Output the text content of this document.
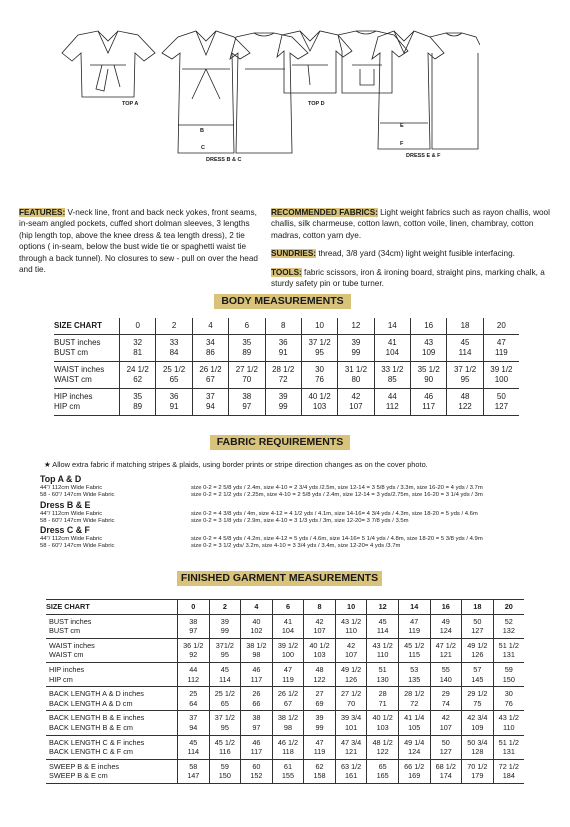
TOP A
B
C
DRESS B & C
TOP D
E
F
DRESS E & F
FEATURES: V-neck line, front and back neck yokes, front seams, in-seam angled pockets, cuffed short dolman sleeves, 3 lengths (hip length top, above the knee dress & tea length dress), 2 tie options ( in-seam, below the bust wide tie or spaghetti waist tie through a back tunnel). No closures to sew - pull on over the head and tie.
RECOMMENDED FABRICS: Light weight fabrics such as rayon challis, wool challis, silk charmeuse, cotton lawn, cotton voile, linen, chambray, cotton madras, cotton yarn dye.
SUNDRIES: thread, 3/8 yard (34cm) light weight fusible interfacing.
TOOLS: fabric scissors, iron & ironing board, straight pins, marking chalk, a sturdy safety pin or tube turner.
BODY MEASUREMENTS
SIZE CHART	0	2	4	6	8	10	12	14	16	18	20
BUST inches	32	33	34	35	36	37 1/2	39	41	43	45	47
BUST cm	81	84	86	89	91	95	99	104	109	114	119
WAIST inches	24 1/2	25 1/2	26 1/2	27 1/2	28 1/2	30	31 1/2	33 1/2	35 1/2	37 1/2	39 1/2
WAIST cm	62	65	67	70	72	76	80	85	90	95	100
HIP inches	35	36	37	38	39	40 1/2	42	44	46	48	50
HIP cm	89	91	94	97	99	103	107	112	117	122	127
FABRIC REQUIREMENTS
★ Allow extra fabric if matching stripes & plaids, using border prints or stripe direction changes as on the cover photo.
Top A & D
44"/ 112cm Wide Fabric	size 0-2 = 2 5/8 yds / 2.4m, size 4-10 = 2 3/4 yds /2.5m, size 12-14 = 3 5/8 yds / 3.3m, size 16-20 = 4 yds / 3.7m
58 - 60"/ 147cm Wide Fabric	size 0-2 = 2 1/2 yds / 2.25m, size 4-10 = 2 5/8 yds / 2.4m, size 12-14 = 3 yds/2.75m, size 16-20 = 3 1/4 yds / 3m
Dress B & E
44"/ 112cm Wide Fabric	size 0-2 = 4 3/8 yds / 4m, size 4-12 = 4 1/2 yds / 4.1m, size 14-16= 4 3/4 yds / 4.3m, size 18-20 = 5 yds / 4.6m
58 - 60"/ 147cm Wide Fabric	size 0-2 = 3 1/8 yds / 2.9m, size 4-10 = 3 1/3 yds / 3m, size 12-20= 3 7/8 yds / 3.5m
Dress C & F
44"/ 112cm Wide Fabric	size 0-2 = 4 5/8 yds / 4.2m, size 4-12 = 5 yds / 4.6m, size 14-16= 5 1/4 yds / 4.8m, size 18-20 = 5 3/8 yds / 4.9m
58 - 60"/ 147cm Wide Fabric	size 0-2 = 3 1/2 yds/ 3.2m, size 4-10 = 3 3/4 yds / 3.4m, size 12-20= 4 yds /3.7m
FINISHED GARMENT MEASUREMENTS
SIZE CHART	0	2	4	6	8	10	12	14	16	18	20
BUST inches	38	39	40	41	42	43 1/2	45	47	49	50	52
BUST cm	97	99	102	104	107	110	114	119	124	127	132
WAIST inches	36 1/2	371/2	38 1/2	39 1/2	40 1/2	42	43 1/2	45 1/2	47 1/2	49 1/2	51 1/2
WAIST cm	92	95	98	100	103	107	110	115	121	126	131
HIP inches	44	45	46	47	48	49 1/2	51	53	55	57	59
HIP cm	112	114	117	119	122	126	130	135	140	145	150
BACK LENGTH A & D inches	25	25 1/2	26	26 1/2	27	27 1/2	28	28 1/2	29	29 1/2	30
BACK LENGTH A & D cm	64	65	66	67	69	70	71	72	74	75	76
BACK LENGTH B & E inches	37	37 1/2	38	38 1/2	39	39 3/4	40 1/2	41 1/4	42	42 3/4	43 1/2
BACK LENGTH B & E cm	94	95	97	98	99	101	103	105	107	109	110
BACK LENGTH C & F inches	45	45 1/2	46	46 1/2	47	47 3/4	48 1/2	49 1/4	50	50 3/4	51 1/2
BACK LENGTH C & F cm	114	116	117	118	119	121	122	124	127	128	131
SWEEP B & E inches	58	59	60	61	62	63 1/2	65	66 1/2	68 1/2	70 1/2	72 1/2
SWEEP B & E cm	147	150	152	155	158	161	165	169	174	179	184
